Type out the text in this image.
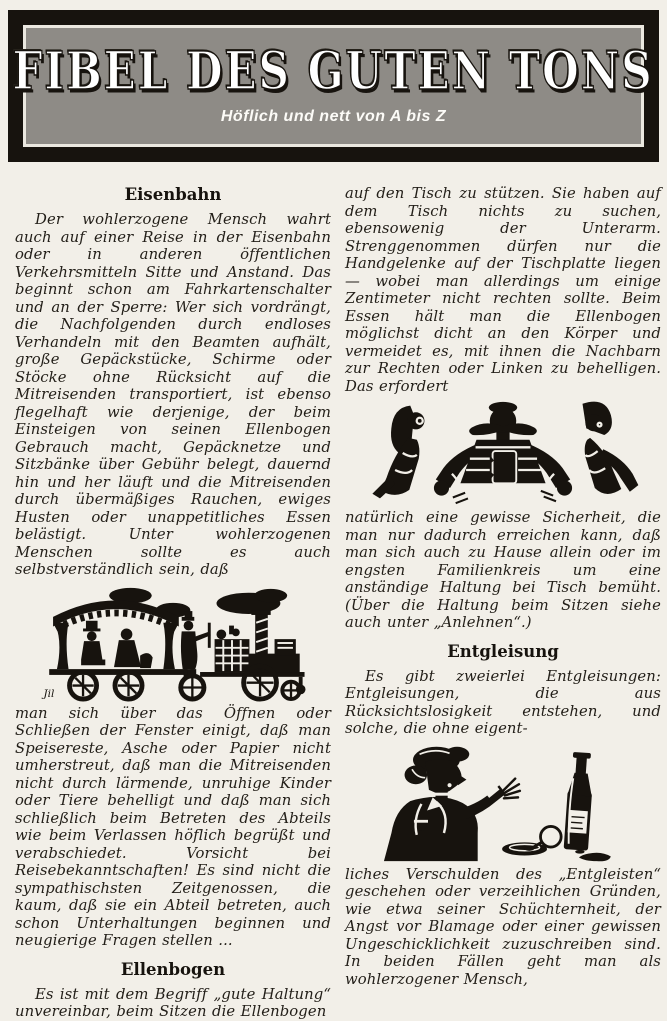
FIBEL DES GUTEN TONS
Höflich und nett von A bis Z
Eisenbahn

Der wohlerzogene Mensch wahrt auch auf einer Reise in der Eisenbahn oder in anderen öffentlichen Verkehrsmitteln Sitte und Anstand. Das beginnt schon am Fahrkartenschalter und an der Sperre: Wer sich vordrängt, die Nachfolgenden durch endloses Verhandeln mit den Beamten aufhält, große Gepäckstücke, Schirme oder Stöcke ohne Rücksicht auf die Mitreisenden transportiert, ist ebenso flegelhaft wie derjenige, der beim Einsteigen von seinen Ellenbogen Gebrauch macht, Gepäcknetze und Sitzbänke über Gebühr belegt, dauernd hin und her läuft und die Mitreisenden durch übermäßiges Rauchen, ewiges Husten oder unappetitliches Essen belästigt. Unter wohlerzogenen Menschen sollte es auch selbstverständlich sein, daß

Jil

man sich über das Öffnen oder Schließen der Fenster einigt, daß man Speisereste, Asche oder Papier nicht umherstreut, daß man die Mitreisenden nicht durch lärmende, unruhige Kinder oder Tiere behelligt und daß man sich schließlich beim Betreten des Abteils wie beim Verlassen höflich begrüßt und verabschiedet. Vorsicht bei Reisebekanntschaften! Es sind nicht die sympathischsten Zeitgenossen, die kaum, daß sie ein Abteil betreten, auch schon Unterhaltungen beginnen und neugierige Fragen stellen ...

Ellenbogen

Es ist mit dem Begriff „gute Haltung“ unvereinbar, beim Sitzen die Ellenbogen

auf den Tisch zu stützen. Sie haben auf dem Tisch nichts zu suchen, ebensowenig der Unterarm. Strenggenommen dürfen nur die Handgelenke auf der Tischplatte liegen — wobei man allerdings um einige Zentimeter nicht rechten sollte. Beim Essen hält man die Ellenbogen möglichst dicht an den Körper und vermeidet es, mit ihnen die Nachbarn zur Rechten oder Linken zu behelligen. Das erfordert

natürlich eine gewisse Sicherheit, die man nur dadurch erreichen kann, daß man sich auch zu Hause allein oder im engsten Familienkreis um eine anständige Haltung bei Tisch bemüht. (Über die Haltung beim Sitzen siehe auch unter „Anlehnen“.)

Entgleisung

Es gibt zweierlei Entgleisungen: Entgleisungen, die aus Rücksichtslosigkeit entstehen, und solche, die ohne eigent-

liches Verschulden des „Entgleisten“ geschehen oder verzeihlichen Gründen, wie etwa seiner Schüchternheit, der Angst vor Blamage oder einer gewissen Ungeschicklichkeit zuzuschreiben sind. In beiden Fällen geht man als wohlerzogener Mensch,
